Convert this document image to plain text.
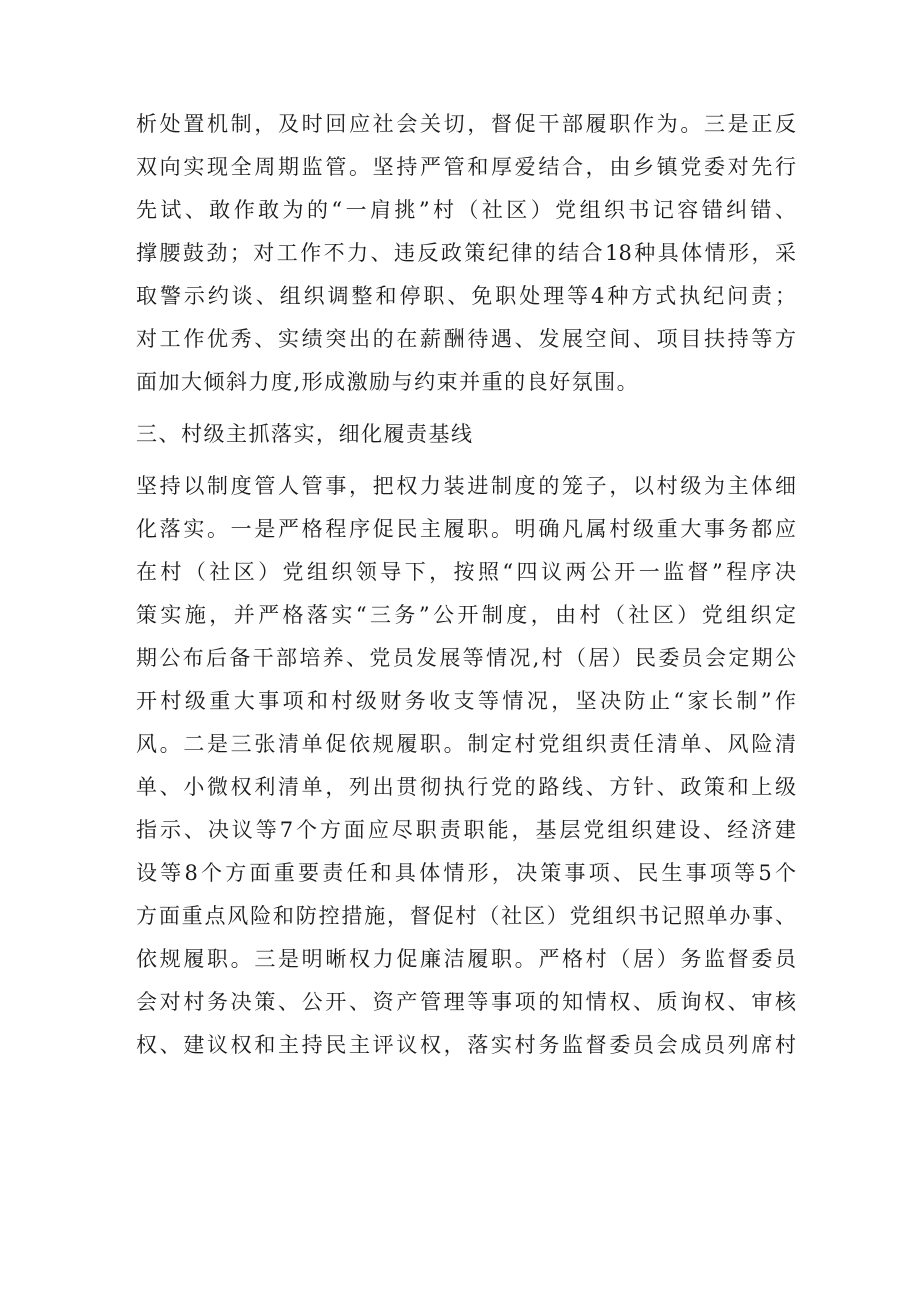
析处置机制，及时回应社会关切，督促干部履职作为。三是正反
双向实现全周期监管。坚持严管和厚爱结合，由乡镇党委对先行
先试、敢作敢为的“一肩挑”村（社区）党组织书记容错纠错、
撑腰鼓劲；对工作不力、违反政策纪律的结合18种具体情形，采
取警示约谈、组织调整和停职、免职处理等4种方式执纪问责；
对工作优秀、实绩突出的在薪酬待遇、发展空间、项目扶持等方
面加大倾斜力度,形成激励与约束并重的良好氛围。
三、村级主抓落实，细化履责基线
坚持以制度管人管事，把权力装进制度的笼子，以村级为主体细
化落实。一是严格程序促民主履职。明确凡属村级重大事务都应
在村（社区）党组织领导下，按照“四议两公开一监督”程序决
策实施，并严格落实“三务”公开制度，由村（社区）党组织定
期公布后备干部培养、党员发展等情况,村（居）民委员会定期公
开村级重大事项和村级财务收支等情况，坚决防止“家长制”作
风。二是三张清单促依规履职。制定村党组织责任清单、风险清
单、小微权利清单，列出贯彻执行党的路线、方针、政策和上级
指示、决议等7个方面应尽职责职能，基层党组织建设、经济建
设等8个方面重要责任和具体情形，决策事项、民生事项等5个
方面重点风险和防控措施，督促村（社区）党组织书记照单办事、
依规履职。三是明晰权力促廉洁履职。严格村（居）务监督委员
会对村务决策、公开、资产管理等事项的知情权、质询权、审核
权、建议权和主持民主评议权，落实村务监督委员会成员列席村
